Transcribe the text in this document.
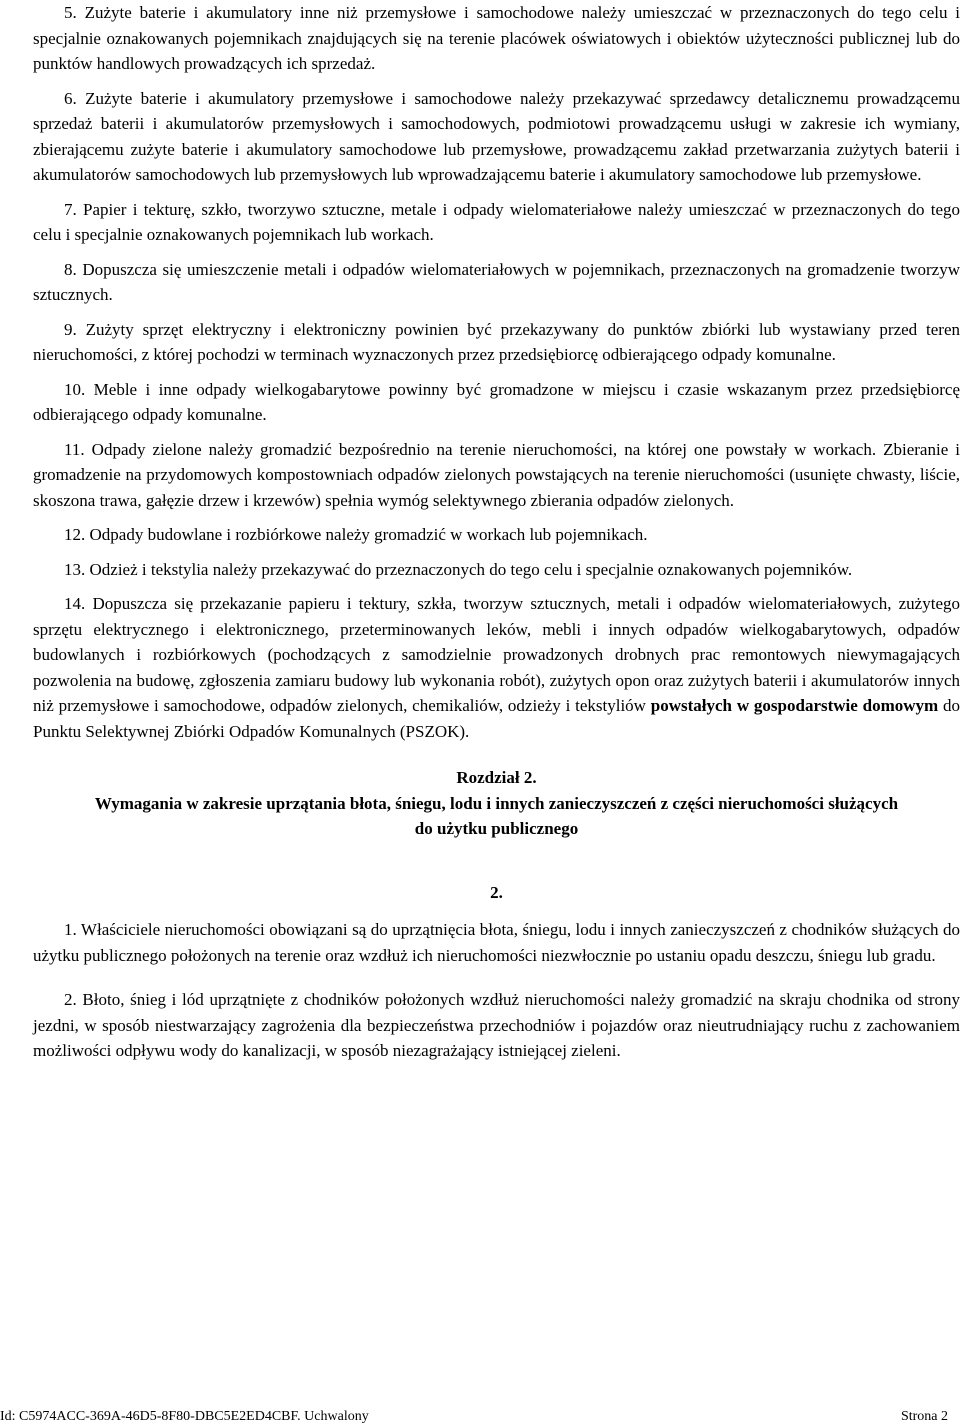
5. Zużyte baterie i akumulatory inne niż przemysłowe i samochodowe należy umieszczać w przeznaczonych do tego celu i specjalnie oznakowanych pojemnikach znajdujących się na terenie placówek oświatowych i obiektów użyteczności publicznej lub do punktów handlowych prowadzących ich sprzedaż.

6. Zużyte baterie i akumulatory przemysłowe i samochodowe należy przekazywać sprzedawcy detalicznemu prowadzącemu sprzedaż baterii i akumulatorów przemysłowych i samochodowych, podmiotowi prowadzącemu usługi w zakresie ich wymiany, zbierającemu zużyte baterie i akumulatory samochodowe lub przemysłowe, prowadzącemu zakład przetwarzania zużytych baterii i akumulatorów samochodowych lub przemysłowych lub wprowadzającemu baterie i akumulatory samochodowe lub przemysłowe.

7. Papier i tekturę, szkło, tworzywo sztuczne, metale i odpady wielomateriałowe należy umieszczać w przeznaczonych do tego celu i specjalnie oznakowanych pojemnikach lub workach.

8. Dopuszcza się umieszczenie metali i odpadów wielomateriałowych w pojemnikach, przeznaczonych na gromadzenie tworzyw sztucznych.

9. Zużyty sprzęt elektryczny i elektroniczny powinien być przekazywany do punktów zbiórki lub wystawiany przed teren nieruchomości, z której pochodzi w terminach wyznaczonych przez przedsiębiorcę odbierającego odpady komunalne.

10. Meble i inne odpady wielkogabarytowe powinny być gromadzone w miejscu i czasie wskazanym przez przedsiębiorcę odbierającego odpady komunalne.

11. Odpady zielone należy gromadzić bezpośrednio na terenie nieruchomości, na której one powstały w workach. Zbieranie i gromadzenie na przydomowych kompostowniach odpadów zielonych powstających na terenie nieruchomości (usunięte chwasty, liście, skoszona trawa, gałęzie drzew i krzewów) spełnia wymóg selektywnego zbierania odpadów zielonych.

12. Odpady budowlane i rozbiórkowe należy gromadzić w workach lub pojemnikach.

13. Odzież i tekstylia należy przekazywać do przeznaczonych do tego celu i specjalnie oznakowanych pojemników.

14. Dopuszcza się przekazanie papieru i tektury, szkła, tworzyw sztucznych, metali i odpadów wielomateriałowych, zużytego sprzętu elektrycznego i elektronicznego, przeterminowanych leków, mebli i innych odpadów wielkogabarytowych, odpadów budowlanych i rozbiórkowych (pochodzących z samodzielnie prowadzonych drobnych prac remontowych niewymagających pozwolenia na budowę, zgłoszenia zamiaru budowy lub wykonania robót), zużytych opon oraz zużytych baterii i akumulatorów innych niż przemysłowe i samochodowe, odpadów zielonych, chemikaliów, odzieży i tekstyliów powstałych w gospodarstwie domowym do Punktu Selektywnej Zbiórki Odpadów Komunalnych (PSZOK).

Rozdział 2.
Wymagania w zakresie uprzątania błota, śniegu, lodu i innych zanieczyszczeń z części nieruchomości służących do użytku publicznego
2.

1. Właściciele nieruchomości obowiązani są do uprzątnięcia błota, śniegu, lodu i innych zanieczyszczeń z chodników służących do użytku publicznego położonych na terenie oraz wzdłuż ich nieruchomości niezwłocznie po ustaniu opadu deszczu, śniegu lub gradu.

2. Błoto, śnieg i lód uprzątnięte z chodników położonych wzdłuż nieruchomości należy gromadzić na skraju chodnika od strony jezdni, w sposób niestwarzający zagrożenia dla bezpieczeństwa przechodniów i pojazdów oraz nieutrudniający ruchu z zachowaniem możliwości odpływu wody do kanalizacji, w sposób niezagrażający istniejącej zieleni.

Id: C5974ACC-369A-46D5-8F80-DBC5E2ED4CBF. Uchwalony	Strona 2
